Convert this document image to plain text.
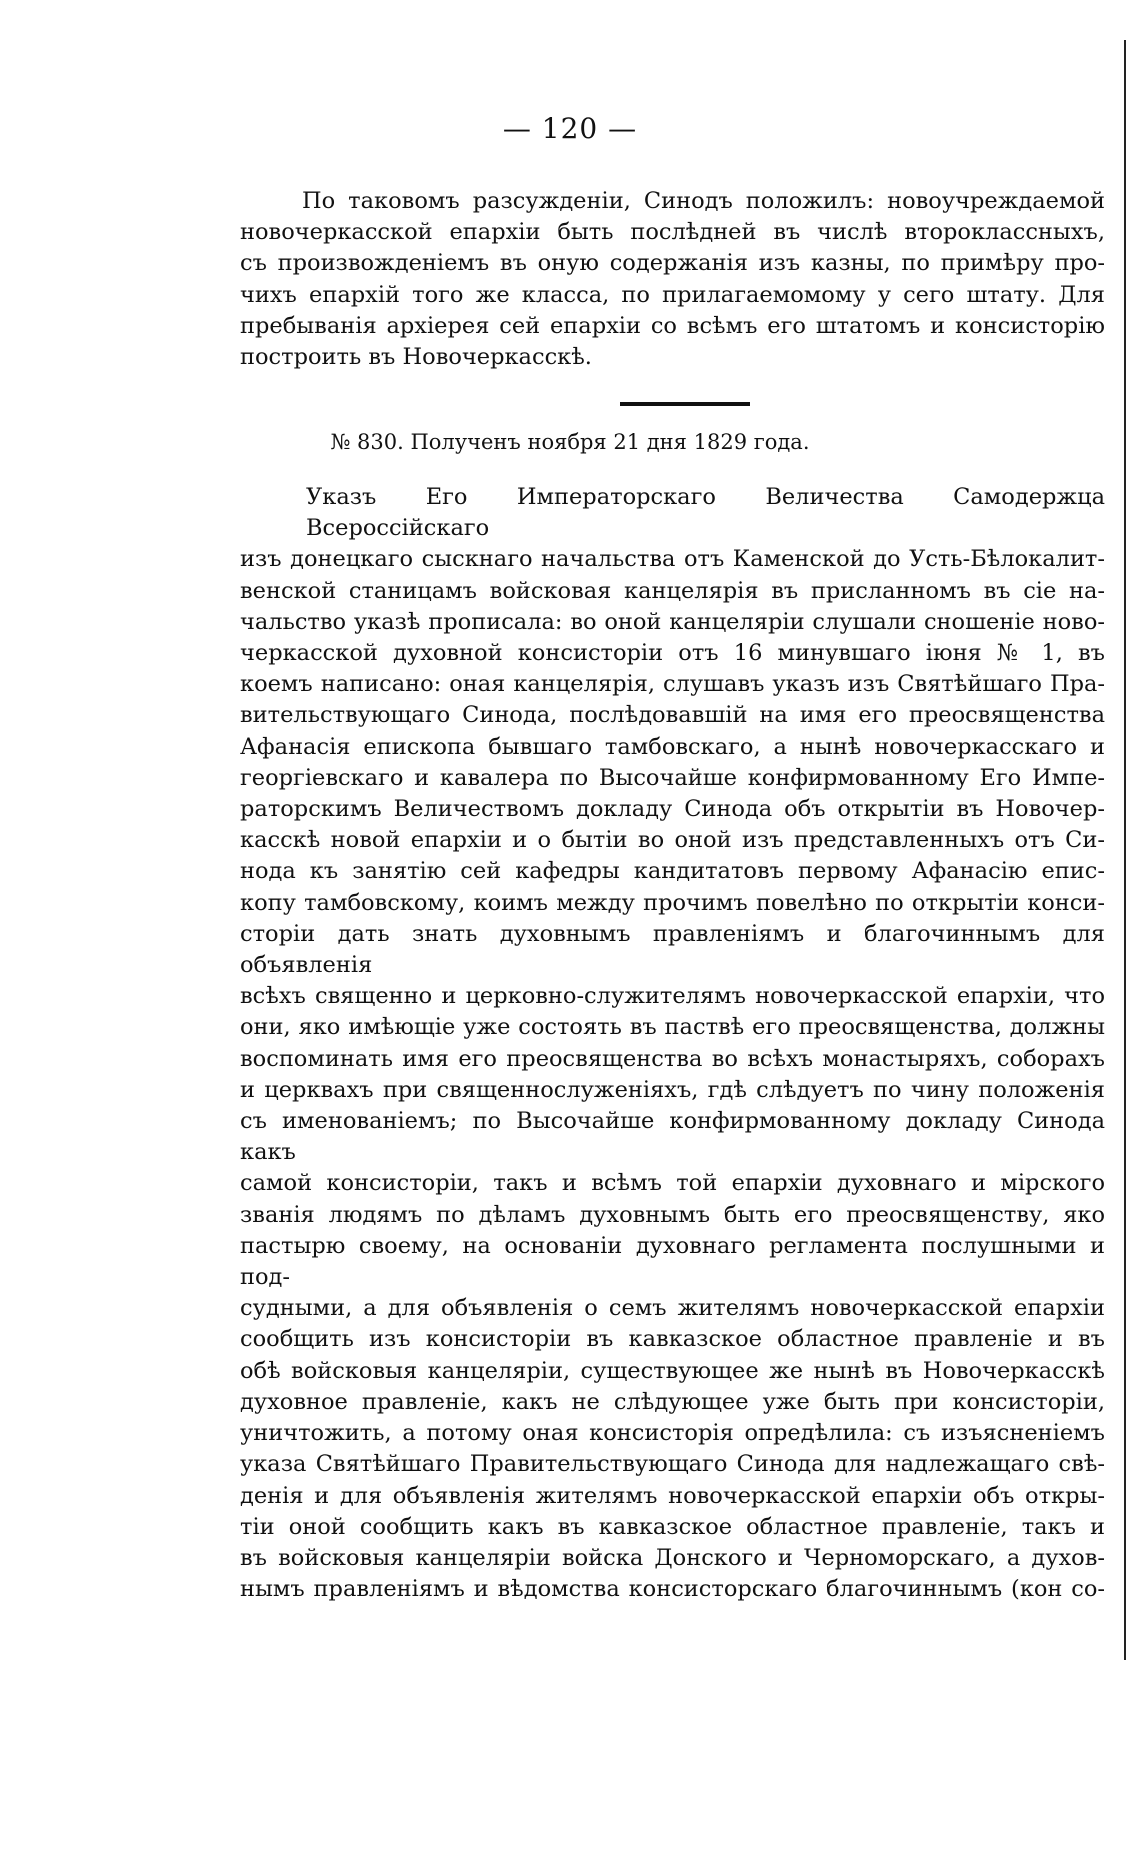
— 120 —

По таковомъ разсужденіи, Синодъ положилъ: новоучреждаемой

новочеркасской епархіи быть послѣдней въ числѣ второклассныхъ,

съ произвожденіемъ въ оную содержанія изъ казны, по примѣру про-

чихъ епархій того же класса, по прилагаемомому у сего штату. Для

пребыванія архіерея сей епархіи со всѣмъ его штатомъ и консисторію

построить въ Новочеркасскѣ.

№ 830. Полученъ ноября 21 дня 1829 года.

Указъ Его Императорскаго Величества Самодержца Всероссійскаго

изъ донецкаго сыскнаго начальства отъ Каменской до Усть-Бѣлокалит-

венской станицамъ войсковая канцелярія въ присланномъ въ сіе на-

чальство указѣ прописала: во оной канцеляріи слушали сношеніе ново-

черкасской духовной консисторіи отъ 16 минувшаго іюня № 1, въ

коемъ написано: оная канцелярія, слушавъ указъ изъ Святѣйшаго Пра-

вительствующаго Синода, послѣдовавшій на имя его преосвященства

Афанасія епископа бывшаго тамбовскаго, а нынѣ новочеркасскаго и

георгіевскаго и кавалера по Высочайше конфирмованному Его Импе-

раторскимъ Величествомъ докладу Синода объ открытіи въ Новочер-

касскѣ новой епархіи и о бытіи во оной изъ представленныхъ отъ Си-

нода къ занятію сей кафедры кандитатовъ первому Афанасію епис-

копу тамбовскому, коимъ между прочимъ повелѣно по открытіи конси-

сторіи дать знать духовнымъ правленіямъ и благочиннымъ для объявленія

всѣхъ священно и церковно-служителямъ новочеркасской епархіи, что

они, яко имѣющіе уже состоять въ паствѣ его преосвященства, должны

воспоминать имя его преосвященства во вcѣхъ монастыряхъ, соборахъ

и церквахъ при священнослуженіяхъ, гдѣ слѣдуетъ по чину положенія

съ именованіемъ; по Высочайше конфирмованному докладу Синода какъ

самой консисторіи, такъ и всѣмъ той епархіи духовнаго и мірского

званія людямъ по дѣламъ духовнымъ быть его преосвященству, яко

пастырю своему, на основаніи духовнаго регламента послушными и под-

судными, а для объявленія о семъ жителямъ новочеркасской епархіи

сообщить изъ консисторіи въ кавказское областное правленіе и въ

обѣ войсковыя канцеляріи, существующее же нынѣ въ Новочеркасскѣ

духовное правленіе, какъ не слѣдующее уже быть при консисторіи,

уничтожить, а потому оная консисторія опредѣлила: съ изъясненіемъ

указа Святѣйшаго Правительствующаго Синода для надлежащаго свѣ-

денія и для объявленія жителямъ новочеркасской епархіи объ откры-

тіи оной сообщить какъ въ кавказское областное правленіе, такъ и

въ войсковыя канцеляріи войска Донского и Черноморскаго, а духов-

нымъ правленіямъ и вѣдомства консисторскаго благочиннымъ (кон со-
